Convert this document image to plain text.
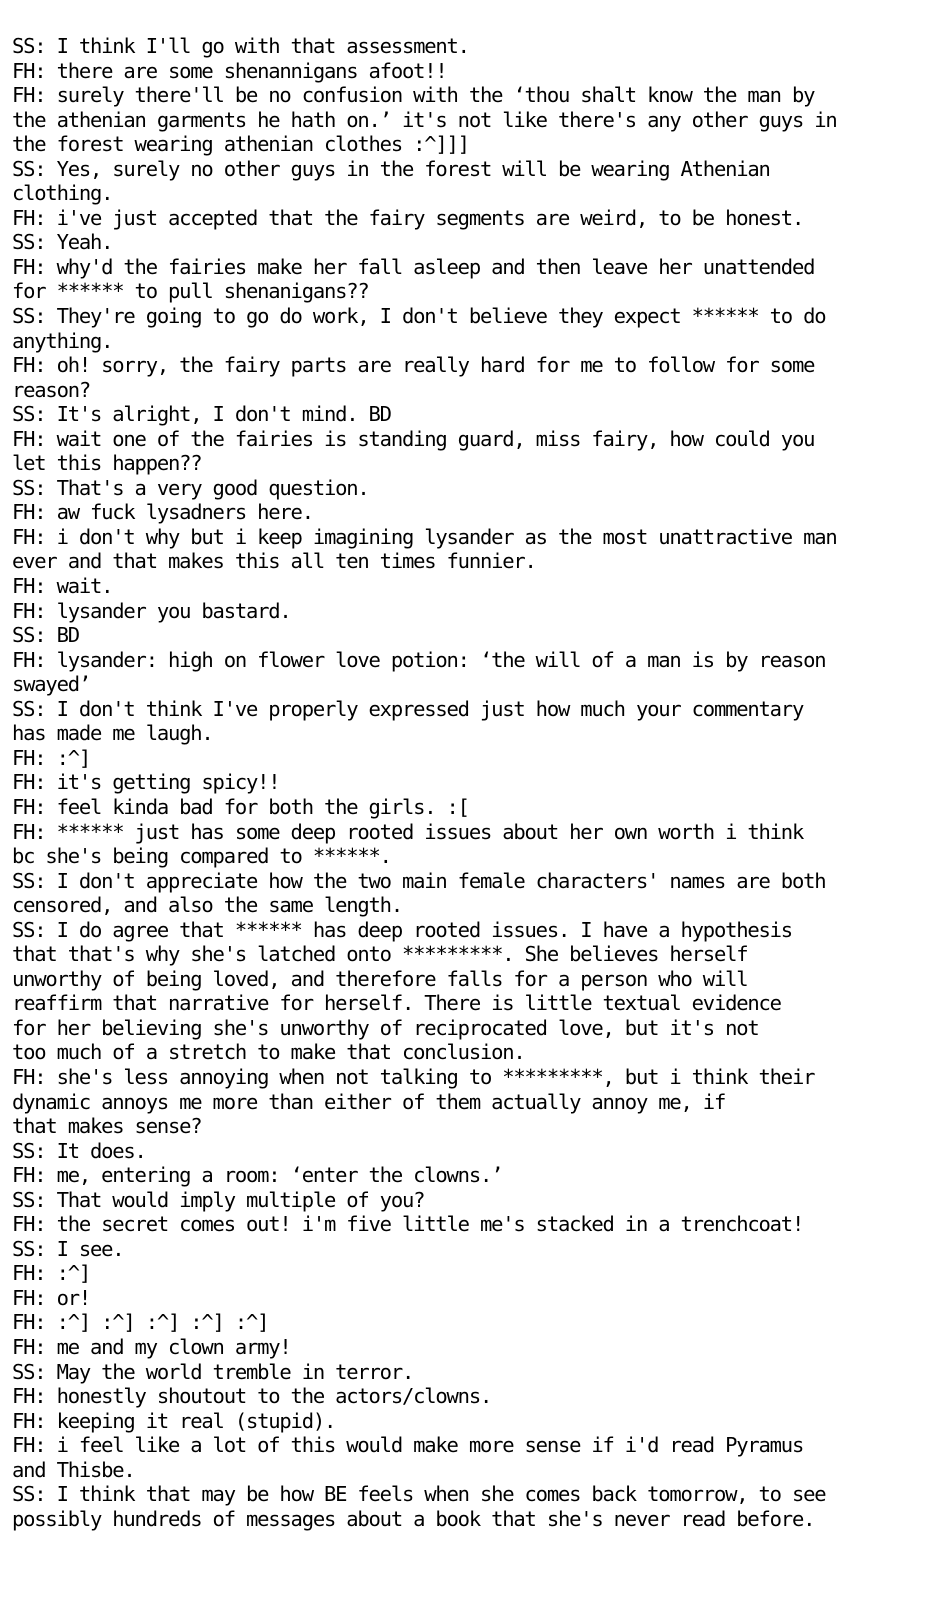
SS: I think I'll go with that assessment.
FH: there are some shenannigans afoot!!
FH: surely there'll be no confusion with the ‘thou shalt know the man by
the athenian garments he hath on.’ it's not like there's any other guys in
the forest wearing athenian clothes :^]]]
SS: Yes, surely no other guys in the forest will be wearing Athenian
clothing.
FH: i've just accepted that the fairy segments are weird, to be honest.
SS: Yeah.
FH: why'd the fairies make her fall asleep and then leave her unattended
for ****** to pull shenanigans??
SS: They're going to go do work, I don't believe they expect ****** to do
anything.
FH: oh! sorry, the fairy parts are really hard for me to follow for some
reason?
SS: It's alright, I don't mind. BD
FH: wait one of the fairies is standing guard, miss fairy, how could you
let this happen??
SS: That's a very good question.
FH: aw fuck lysadners here.
FH: i don't why but i keep imagining lysander as the most unattractive man
ever and that makes this all ten times funnier.
FH: wait.
FH: lysander you bastard.
SS: BD
FH: lysander: high on flower love potion: ‘the will of a man is by reason
swayed’
SS: I don't think I've properly expressed just how much your commentary
has made me laugh.
FH: :^]
FH: it's getting spicy!!
FH: feel kinda bad for both the girls. :[
FH: ****** just has some deep rooted issues about her own worth i think
bc she's being compared to ******.
SS: I don't appreciate how the two main female characters' names are both
censored, and also the same length.
SS: I do agree that ****** has deep rooted issues. I have a hypothesis
that that's why she's latched onto *********. She believes herself
unworthy of being loved, and therefore falls for a person who will
reaffirm that narrative for herself. There is little textual evidence
for her believing she's unworthy of reciprocated love, but it's not
too much of a stretch to make that conclusion.
FH: she's less annoying when not talking to *********, but i think their
dynamic annoys me more than either of them actually annoy me, if
that makes sense?
SS: It does.
FH: me, entering a room: ‘enter the clowns.’
SS: That would imply multiple of you?
FH: the secret comes out! i'm five little me's stacked in a trenchcoat!
SS: I see.
FH: :^]
FH: or!
FH: :^] :^] :^] :^] :^]
FH: me and my clown army!
SS: May the world tremble in terror.
FH: honestly shoutout to the actors/clowns.
FH: keeping it real (stupid).
FH: i feel like a lot of this would make more sense if i'd read Pyramus
and Thisbe.
SS: I think that may be how BE feels when she comes back tomorrow, to see
possibly hundreds of messages about a book that she's never read before.
